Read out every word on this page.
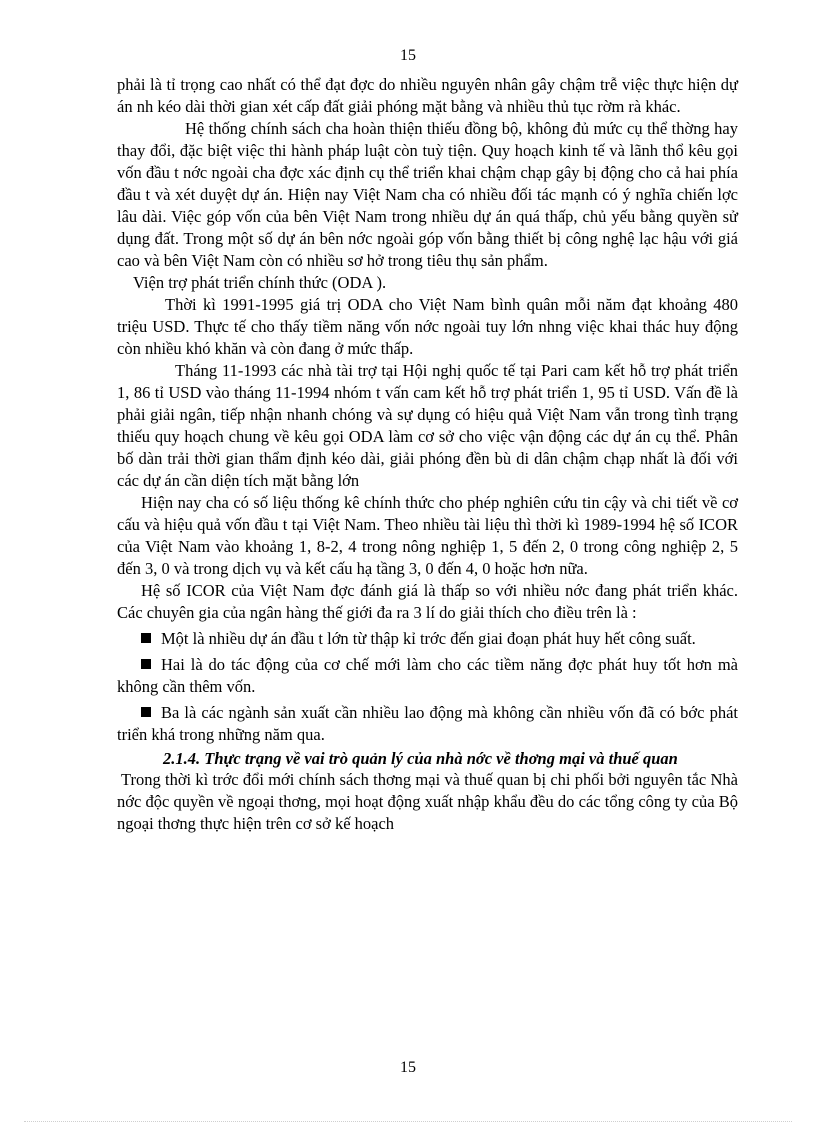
15

phải là tỉ trọng cao nhất có thể đạt đợc do nhiều nguyên nhân gây chậm trễ việc thực hiện dự án nh kéo dài thời gian xét cấp đất giải phóng mặt bằng và nhiều thủ tục rờm rà khác.

Hệ thống chính sách cha hoàn thiện thiếu đồng bộ, không đủ mức cụ thể thờng hay thay đổi, đặc biệt việc thi hành pháp luật còn tuỳ tiện. Quy hoạch kinh tế và lãnh thổ kêu gọi vốn đầu t nớc ngoài cha đợc xác định cụ thể triển khai chậm chạp gây bị động cho cả hai phía đầu t và xét duyệt dự án. Hiện nay Việt Nam cha có nhiều đối tác mạnh có ý nghĩa chiến lợc lâu dài. Việc góp vốn của bên Việt Nam trong nhiều dự án quá thấp, chủ yếu bằng quyền sử dụng đất. Trong một số dự án bên nớc ngoài góp vốn bằng thiết bị công nghệ lạc hậu với giá cao và bên Việt Nam còn có nhiều sơ hở trong tiêu thụ sản phẩm.

Viện trợ phát triển chính thức (ODA ).

Thời kì 1991-1995 giá trị ODA cho Việt Nam bình quân mỗi năm đạt khoảng 480 triệu USD. Thực tế cho thấy tiềm năng vốn nớc ngoài tuy lớn nhng việc khai thác huy động còn nhiều khó khăn và còn đang ở mức thấp.

Tháng 11-1993 các nhà tài trợ tại Hội nghị quốc tế tại Pari cam kết hỗ trợ phát triển 1, 86 tỉ USD vào tháng 11-1994 nhóm t vấn cam kết hỗ trợ phát triển 1, 95 tỉ USD. Vấn đề là phải giải ngân, tiếp nhận nhanh chóng và sự dụng có hiệu quả Việt Nam vẫn trong tình trạng thiếu quy hoạch chung về kêu gọi ODA làm cơ sở cho việc vận động các dự án cụ thể. Phân bố dàn trải thời gian thẩm định kéo dài, giải phóng đền bù di dân chậm chạp nhất là đối với các dự án cần diện tích mặt bằng lớn

Hiện nay cha có số liệu thống kê chính thức cho phép nghiên cứu tin cậy và chi tiết về cơ cấu và hiệu quả vốn đầu t tại Việt Nam. Theo nhiều tài liệu thì thời kì 1989-1994 hệ số ICOR của Việt Nam vào khoảng 1, 8-2, 4 trong nông nghiệp 1, 5 đến 2, 0 trong công nghiệp 2, 5 đến 3, 0 và trong dịch vụ và kết cấu hạ tầng 3, 0 đến 4, 0 hoặc hơn nữa.

Hệ số ICOR của Việt Nam đợc đánh giá là thấp so với nhiều nớc đang phát triển khác. Các chuyên gia của ngân hàng thế giới đa ra 3 lí do giải thích cho điều trên là :

Một là nhiều dự án đầu t lớn từ thập kỉ trớc đến giai đoạn phát huy hết công suất.

Hai là do tác động của cơ chế mới làm cho các tiềm năng đợc phát huy tốt hơn mà không cần thêm vốn.

Ba là các ngành sản xuất cần nhiều lao động mà không cần nhiều vốn đã có bớc phát triển khá trong những năm qua.

2.1.4. Thực trạng về vai trò quản lý của nhà nớc về thơng mại và thuế quan

Trong thời kì trớc đổi mới chính sách thơng mại và thuế quan bị chi phối bởi nguyên tắc Nhà nớc độc quyền về ngoại thơng, mọi hoạt động xuất nhập khẩu đều do các tổng công ty của Bộ ngoại thơng thực hiện trên cơ sở kế hoạch

15
